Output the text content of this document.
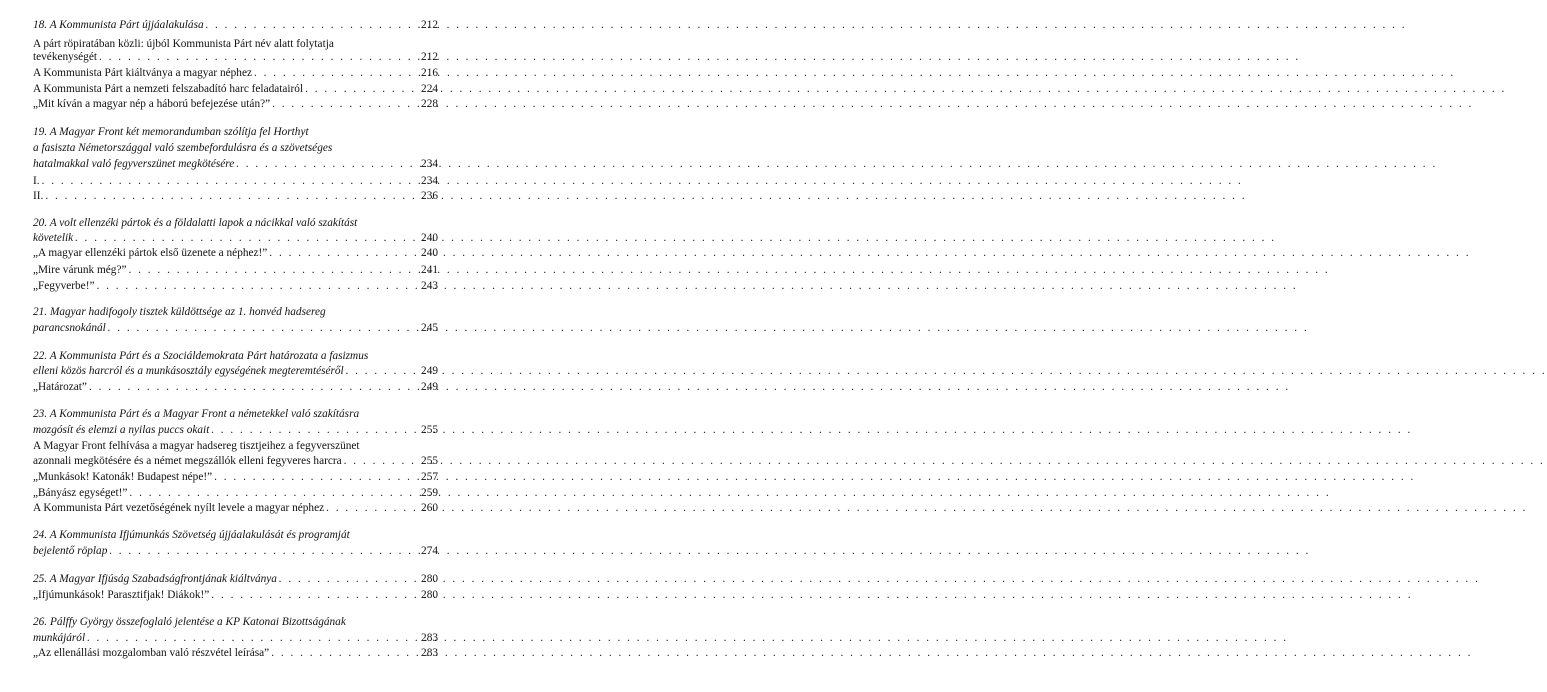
18. A Kommunista Párt újjáalakulása . . .	212
A párt röpiratában közli: újból Kommunista Párt név alatt folytatja
tevékenységét . . .	212
A Kommunista Párt kiáltványa a magyar néphez . . .	216
A Kommunista Párt a nemzeti felszabadító harc feladatairól . . .	224
„Mit kíván a magyar nép a háború befejezése után?” . . .	228
19. A Magyar Front két memorandumban szólítja fel Horthyt
a fasiszta Németországgal való szembefordulásra és a szövetséges
hatalmakkal való fegyverszünet megkötésére . . .	234
I. . . .	234
II. . . .	236
20. A volt ellenzéki pártok és a földalatti lapok a nácikkal való szakítást
követelik . . .	240
„A magyar ellenzéki pártok első üzenete a néphez!” . . .	240
„Mire várunk még?” . . .	241
„Fegyverbe!” . . .	243
21. Magyar hadifogoly tisztek küldöttsége az 1. honvéd hadsereg
parancsnokánál . . .	245
22. A Kommunista Párt és a Szociáldemokrata Párt határozata a fasizmus
elleni közös harcról és a munkásosztály egységének megteremtéséről . . .	249
„Határozat” . . .	249
23. A Kommunista Párt és a Magyar Front a németekkel való szakításra
mozgósít és elemzi a nyilas puccs okait . . .	255
A Magyar Front felhívása a magyar hadsereg tisztjeihez a fegyverszünet
azonnali megkötésére és a német megszállók elleni fegyveres harcra . . .	255
„Munkások! Katonák! Budapest népe!” . . .	257
„Bányász egységet!” . . .	259
A Kommunista Párt vezetőségének nyílt levele a magyar néphez . . .	260
24. A Kommunista Ifjúmunkás Szövetség újjáalakulását és programját
bejelentő röplap . . .	274
25. A Magyar Ifjúság Szabadságfrontjának kiáltványa . . .	280
„Ifjúmunkások! Parasztifjak! Diákok!” . . .	280
26. Pálffy György összefoglaló jelentése a KP Katonai Bizottságának
munkájáról . . .	283
„Az ellenállási mozgalomban való részvétel leírása” . . .	283
